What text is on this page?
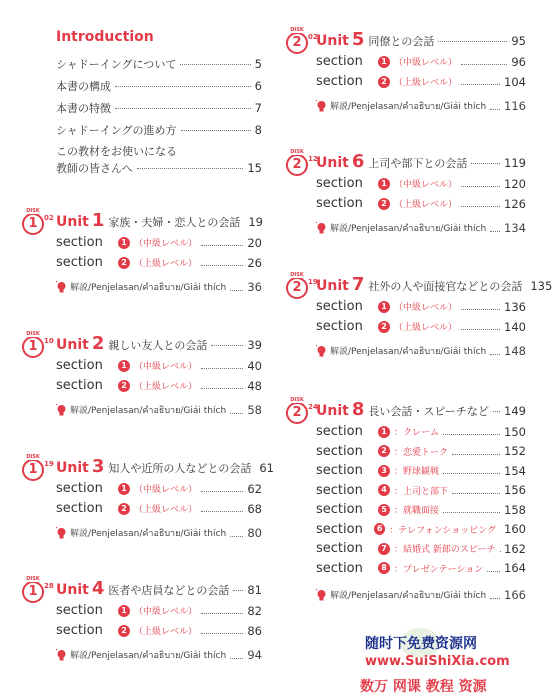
Introduction
シャドーイングについて	5
本書の構成	6
本書の特徴	7
シャドーイングの進め方	8
この教材をお使いになる
教師の皆さんへ	15
DISK
1 02 Unit 1 家族・夫婦・恋人との会話 19
section	1 （中級レベル）	20
section	2 （上級レベル）	26
解説/Penjelasan/คำอธิบาย/Giải thích 36
DISK
1 10 Unit 2 親しい友人との会話	39
section	1 （中級レベル）	40
section	2 （上級レベル）	48
解説/Penjelasan/คำอธิบาย/Giải thích 58
DISK
1 19 Unit 3 知人や近所の人などとの会話 61
section	1 （中級レベル）	62
section	2 （上級レベル）	68
解説/Penjelasan/คำอธิบาย/Giải thích 80
DISK
1 28 Unit 4 医者や店員などとの会話 81
section	1 （中級レベル）	82
section	2 （上級レベル）	86
解説/Penjelasan/คำอธิบาย/Giải thích 94
DISK
2 02
Unit 5 同僚との会話	95
section	1 （中級レベル）	96
section	2 （上級レベル）	104
解説/Penjelasan/คำอธิบาย/Giải thích 116
DISK
2 12
Unit 6 上司や部下との会話	119
section	1 （中級レベル）	120
section	2 （上級レベル）	126
解説/Penjelasan/คำอธิบาย/Giải thích 134
DISK
2 19
Unit 7 社外の人や面接官などとの会話 135
section	1 （中級レベル）	136
section	2 （上級レベル）	140
解説/Penjelasan/คำอธิบาย/Giải thích 148
DISK
2 24
Unit 8 長い会話・スピーチなど 149
section	1 ：クレーム	150
section	2 ：恋愛トーク	152
section	3 ：野球観戦	154
section	4 ：上司と部下	156
section	5 ：就職面接	158
section	6 ：テレフォンショッピング 160
section	7 ：結婚式 新郎のスピーチ 162
section	8 ：プレゼンテーション 164
解説/Penjelasan/คำอธิบาย/Giải thích 166
随时下免费资源网
www.SuiShiXia.com
数万 网课 教程 资源
